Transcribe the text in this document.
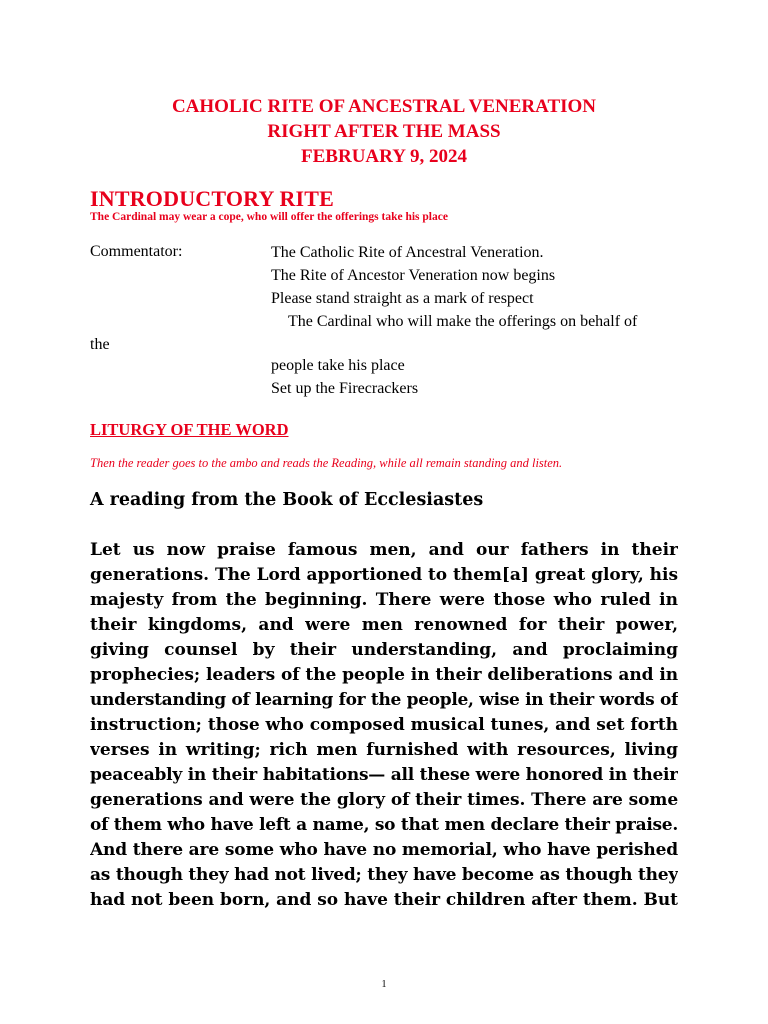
CAHOLIC RITE OF ANCESTRAL VENERATION
RIGHT AFTER THE MASS
FEBRUARY 9, 2024
INTRODUCTORY RITE
The Cardinal may wear a cope, who will offer the offerings take his place
Commentator:	The Catholic Rite of Ancestral Veneration.
The Rite of Ancestor Veneration now begins
Please stand straight as a mark of respect
The Cardinal who will make the offerings on behalf of
the
people take his place
Set up the Firecrackers
LITURGY OF THE WORD
Then the reader goes to the ambo and reads the Reading, while all remain standing and listen.
A reading from the Book of Ecclesiastes
Let us now praise famous men, and our fathers in their
generations. The Lord apportioned to them[a] great glory, his
majesty from the beginning. There were those who ruled in
their kingdoms, and were men renowned for their power,
giving counsel by their understanding, and proclaiming
prophecies; leaders of the people in their deliberations and in
understanding of learning for the people, wise in their words of
instruction; those who composed musical tunes, and set forth
verses in writing; rich men furnished with resources, living
peaceably in their habitations— all these were honored in their
generations and were the glory of their times. There are some
of them who have left a name, so that men declare their praise.
And there are some who have no memorial, who have perished
as though they had not lived; they have become as though they
had not been born, and so have their children after them. But
1
